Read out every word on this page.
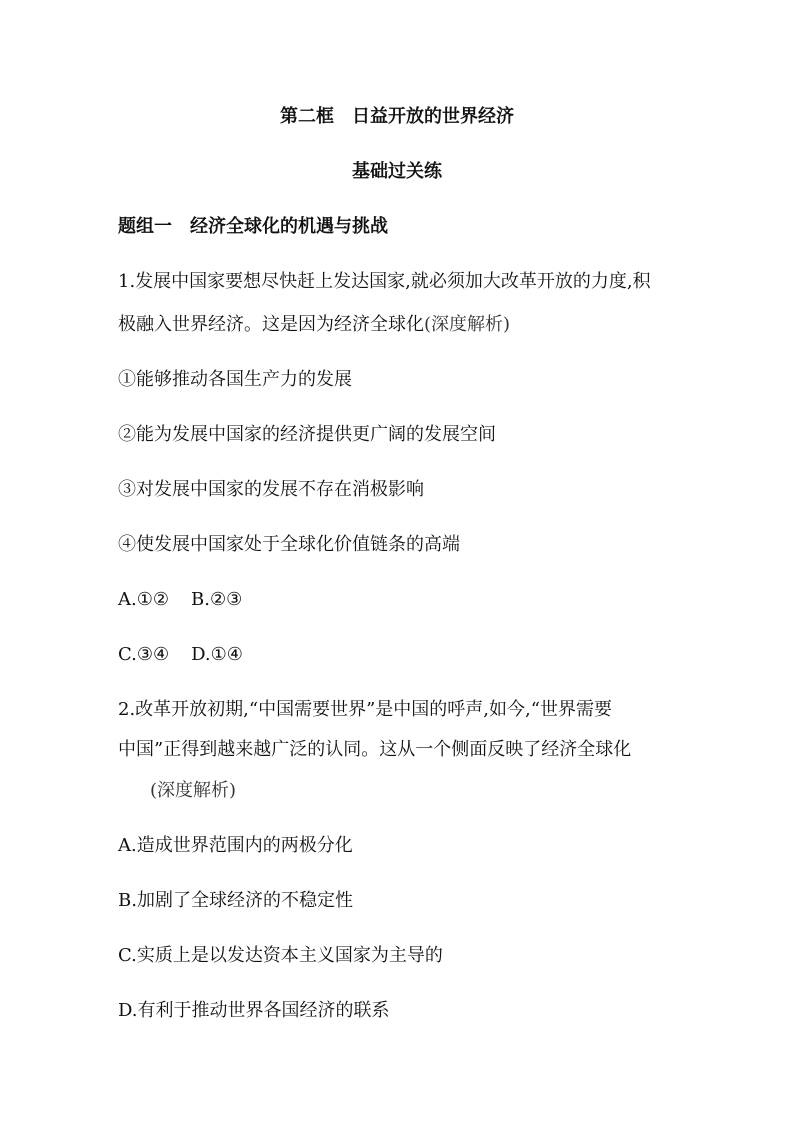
第二框　日益开放的世界经济
基础过关练
题组一　经济全球化的机遇与挑战
1.发展中国家要想尽快赶上发达国家,就必须加大改革开放的力度,积
极融入世界经济。这是因为经济全球化(深度解析)
①能够推动各国生产力的发展
②能为发展中国家的经济提供更广阔的发展空间
③对发展中国家的发展不存在消极影响
④使发展中国家处于全球化价值链条的高端
A.①② B.②③
C.③④ D.①④
2.改革开放初期,“中国需要世界”是中国的呼声,如今,“世界需要
中国”正得到越来越广泛的认同。这从一个侧面反映了经济全球化
(深度解析)
A.造成世界范围内的两极分化
B.加剧了全球经济的不稳定性
C.实质上是以发达资本主义国家为主导的
D.有利于推动世界各国经济的联系
